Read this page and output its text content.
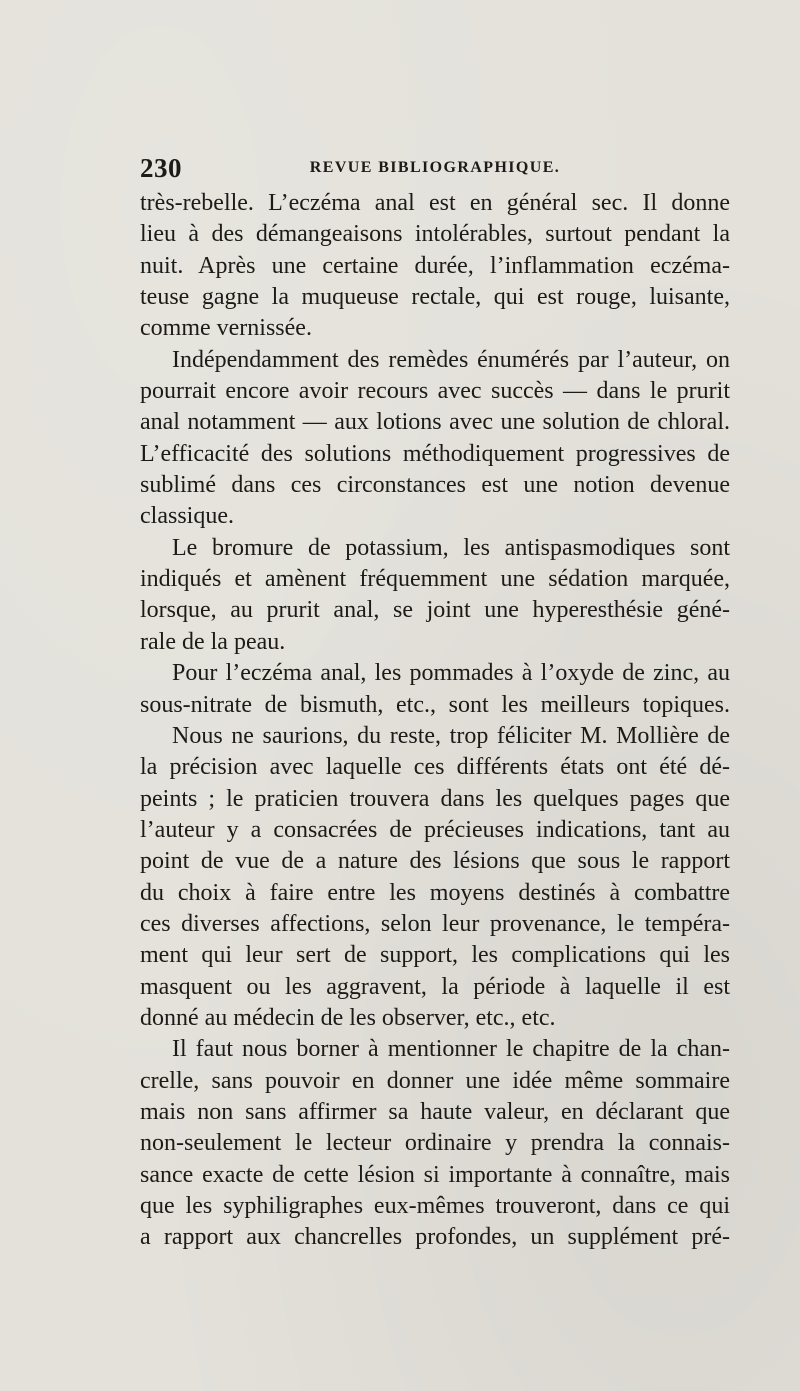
230	REVUE BIBLIOGRAPHIQUE.
très-rebelle. L’eczéma anal est en général sec. Il donne
lieu à des démangeaisons intolérables, surtout pendant la
nuit. Après une certaine durée, l’inflammation eczéma-
teuse gagne la muqueuse rectale, qui est rouge, luisante,
comme vernissée.
Indépendamment des remèdes énumérés par l’auteur, on
pourrait encore avoir recours avec succès — dans le prurit
anal notamment — aux lotions avec une solution de chloral.
L’efficacité des solutions méthodiquement progressives de
sublimé dans ces circonstances est une notion devenue
classique.
Le bromure de potassium, les antispasmodiques sont
indiqués et amènent fréquemment une sédation marquée,
lorsque, au prurit anal, se joint une hyperesthésie géné-
rale de la peau.
Pour l’eczéma anal, les pommades à l’oxyde de zinc, au
sous-nitrate de bismuth, etc., sont les meilleurs topiques.
Nous ne saurions, du reste, trop féliciter M. Mollière de
la précision avec laquelle ces différents états ont été dé-
peints ; le praticien trouvera dans les quelques pages que
l’auteur y a consacrées de précieuses indications, tant au
point de vue de a nature des lésions que sous le rapport
du choix à faire entre les moyens destinés à combattre
ces diverses affections, selon leur provenance, le tempéra-
ment qui leur sert de support, les complications qui les
masquent ou les aggravent, la période à laquelle il est
donné au médecin de les observer, etc., etc.
Il faut nous borner à mentionner le chapitre de la chan-
crelle, sans pouvoir en donner une idée même sommaire
mais non sans affirmer sa haute valeur, en déclarant que
non-seulement le lecteur ordinaire y prendra la connais-
sance exacte de cette lésion si importante à connaître, mais
que les syphiligraphes eux-mêmes trouveront, dans ce qui
a rapport aux chancrelles profondes, un supplément pré-
